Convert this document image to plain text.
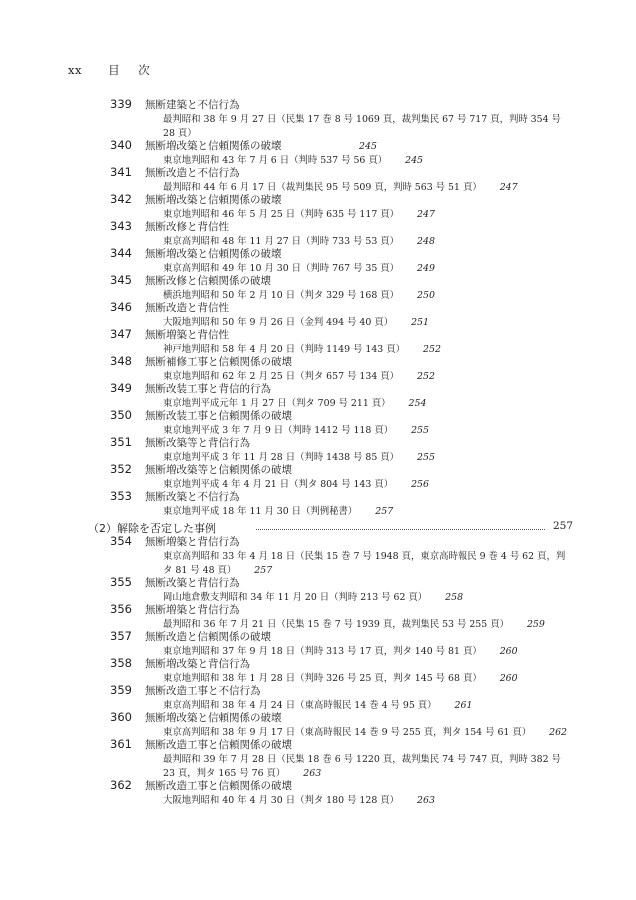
xx 目 次
339	無断建築と不信行為
最判昭和 38 年 9 月 27 日（民集 17 巻 8 号 1069 頁，裁判集民 67 号 717 頁，判時 354 号 28 頁）
245
340	無断増改築と信頼関係の破壊
東京地判昭和 43 年 7 月 6 日（判時 537 号 56 頁） 245
341	無断改造と不信行為
最判昭和 44 年 6 月 17 日（裁判集民 95 号 509 頁，判時 563 号 51 頁） 247
342	無断増改築と信頼関係の破壊
東京地判昭和 46 年 5 月 25 日（判時 635 号 117 頁） 247
343	無断改修と背信性
東京高判昭和 48 年 11 月 27 日（判時 733 号 53 頁） 248
344	無断増改築と信頼関係の破壊
東京高判昭和 49 年 10 月 30 日（判時 767 号 35 頁） 249
345	無断改修と信頼関係の破壊
横浜地判昭和 50 年 2 月 10 日（判タ 329 号 168 頁） 250
346	無断改造と背信性
大阪地判昭和 50 年 9 月 26 日（金判 494 号 40 頁） 251
347	無断増築と背信性
神戸地判昭和 58 年 4 月 20 日（判時 1149 号 143 頁） 252
348	無断補修工事と信頼関係の破壊
東京地判昭和 62 年 2 月 25 日（判タ 657 号 134 頁） 252
349	無断改装工事と背信的行為
東京地判平成元年 1 月 27 日（判タ 709 号 211 頁） 254
350	無断改装工事と信頼関係の破壊
東京地判平成 3 年 7 月 9 日（判時 1412 号 118 頁） 255
351	無断改築等と背信行為
東京地判平成 3 年 11 月 28 日（判時 1438 号 85 頁） 255
352	無断増改築等と信頼関係の破壊
東京地判平成 4 年 4 月 21 日（判タ 804 号 143 頁） 256
353	無断改築と不信行為
東京地判平成 18 年 11 月 30 日（判例秘書） 257
（2）解除を否定した事例	257
354	無断増築と背信行為
東京高判昭和 33 年 4 月 18 日（民集 15 巻 7 号 1948 頁，東京高時報民 9 巻 4 号 62 頁，判タ 81 号 48 頁） 257
355	無断改築と背信行為
岡山地倉敷支判昭和 34 年 11 月 20 日（判時 213 号 62 頁） 258
356	無断増築と背信行為
最判昭和 36 年 7 月 21 日（民集 15 巻 7 号 1939 頁，裁判集民 53 号 255 頁） 259
357	無断改造と信頼関係の破壊
東京地判昭和 37 年 9 月 18 日（判時 313 号 17 頁，判タ 140 号 81 頁） 260
358	無断増改築と背信行為
東京地判昭和 38 年 1 月 28 日（判時 326 号 25 頁，判タ 145 号 68 頁） 260
359	無断改造工事と不信行為
東京高判昭和 38 年 4 月 24 日（東高時報民 14 巻 4 号 95 頁） 261
360	無断増改築と信頼関係の破壊
東京高判昭和 38 年 9 月 17 日（東高時報民 14 巻 9 号 255 頁，判タ 154 号 61 頁） 262
361	無断改造工事と信頼関係の破壊
最判昭和 39 年 7 月 28 日（民集 18 巻 6 号 1220 頁，裁判集民 74 号 747 頁，判時 382 号 23 頁，判タ 165 号 76 頁） 263
362	無断改造工事と信頼関係の破壊
大阪地判昭和 40 年 4 月 30 日（判タ 180 号 128 頁） 263
